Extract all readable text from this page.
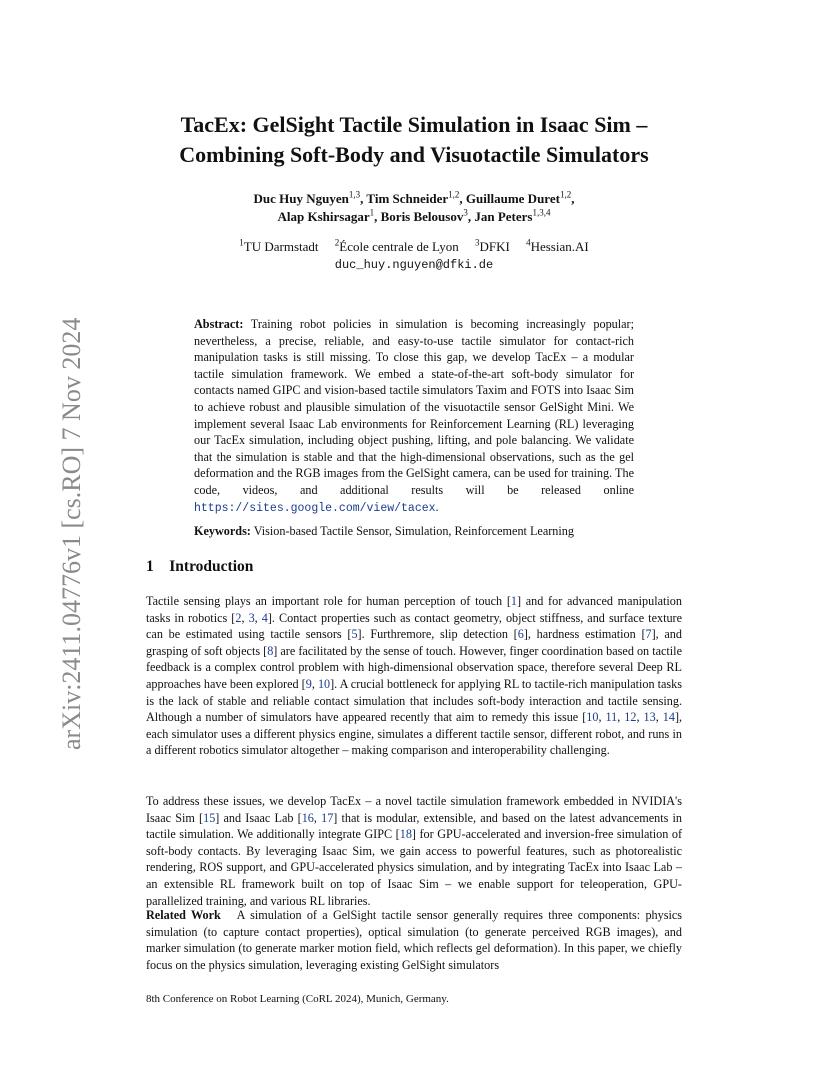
arXiv:2411.04776v1 [cs.RO] 7 Nov 2024
TacEx: GelSight Tactile Simulation in Isaac Sim –
Combining Soft-Body and Visuotactile Simulators
Duc Huy Nguyen$^{1,3}$, Tim Schneider$^{1,2}$, Guillaume Duret$^{1,2}$,
Alap Kshirsagar$^1$, Boris Belousov$^3$, Jan Peters$^{1,3,4}$
$^1$TU Darmstadt $^2$École centrale de Lyon $^3$DFKI $^4$Hessian.AI
duc_huy.nguyen@dfki.de
Abstract: Training robot policies in simulation is becoming increasingly popular; nevertheless, a precise, reliable, and easy-to-use tactile simulator for contact-rich manipulation tasks is still missing. To close this gap, we develop TacEx – a modular tactile simulation framework. We embed a state-of-the-art soft-body simulator for contacts named GIPC and vision-based tactile simulators Taxim and FOTS into Isaac Sim to achieve robust and plausible simulation of the visuotactile sensor GelSight Mini. We implement several Isaac Lab environments for Reinforcement Learning (RL) leveraging our TacEx simulation, including object pushing, lifting, and pole balancing. We validate that the simulation is stable and that the high-dimensional observations, such as the gel deformation and the RGB images from the GelSight camera, can be used for training. The code, videos, and additional results will be released online https://sites.google.com/view/tacex.
Keywords: Vision-based Tactile Sensor, Simulation, Reinforcement Learning
1 Introduction
Tactile sensing plays an important role for human perception of touch [1] and for advanced manipulation tasks in robotics [2, 3, 4]. Contact properties such as contact geometry, object stiffness, and surface texture can be estimated using tactile sensors [5]. Furthremore, slip detection [6], hardness estimation [7], and grasping of soft objects [8] are facilitated by the sense of touch. However, finger coordination based on tactile feedback is a complex control problem with high-dimensional observation space, therefore several Deep RL approaches have been explored [9, 10]. A crucial bottleneck for applying RL to tactile-rich manipulation tasks is the lack of stable and reliable contact simulation that includes soft-body interaction and tactile sensing. Although a number of simulators have appeared recently that aim to remedy this issue [10, 11, 12, 13, 14], each simulator uses a different physics engine, simulates a different tactile sensor, different robot, and runs in a different robotics simulator altogether – making comparison and interoperability challenging.
To address these issues, we develop TacEx – a novel tactile simulation framework embedded in NVIDIA's Isaac Sim [15] and Isaac Lab [16, 17] that is modular, extensible, and based on the latest advancements in tactile simulation. We additionally integrate GIPC [18] for GPU-accelerated and inversion-free simulation of soft-body contacts. By leveraging Isaac Sim, we gain access to powerful features, such as photorealistic rendering, ROS support, and GPU-accelerated physics simulation, and by integrating TacEx into Isaac Lab – an extensible RL framework built on top of Isaac Sim – we enable support for teleoperation, GPU-parallelized training, and various RL libraries.
Related Work A simulation of a GelSight tactile sensor generally requires three components: physics simulation (to capture contact properties), optical simulation (to generate perceived RGB images), and marker simulation (to generate marker motion field, which reflects gel deformation). In this paper, we chiefly focus on the physics simulation, leveraging existing GelSight simulators
8th Conference on Robot Learning (CoRL 2024), Munich, Germany.
